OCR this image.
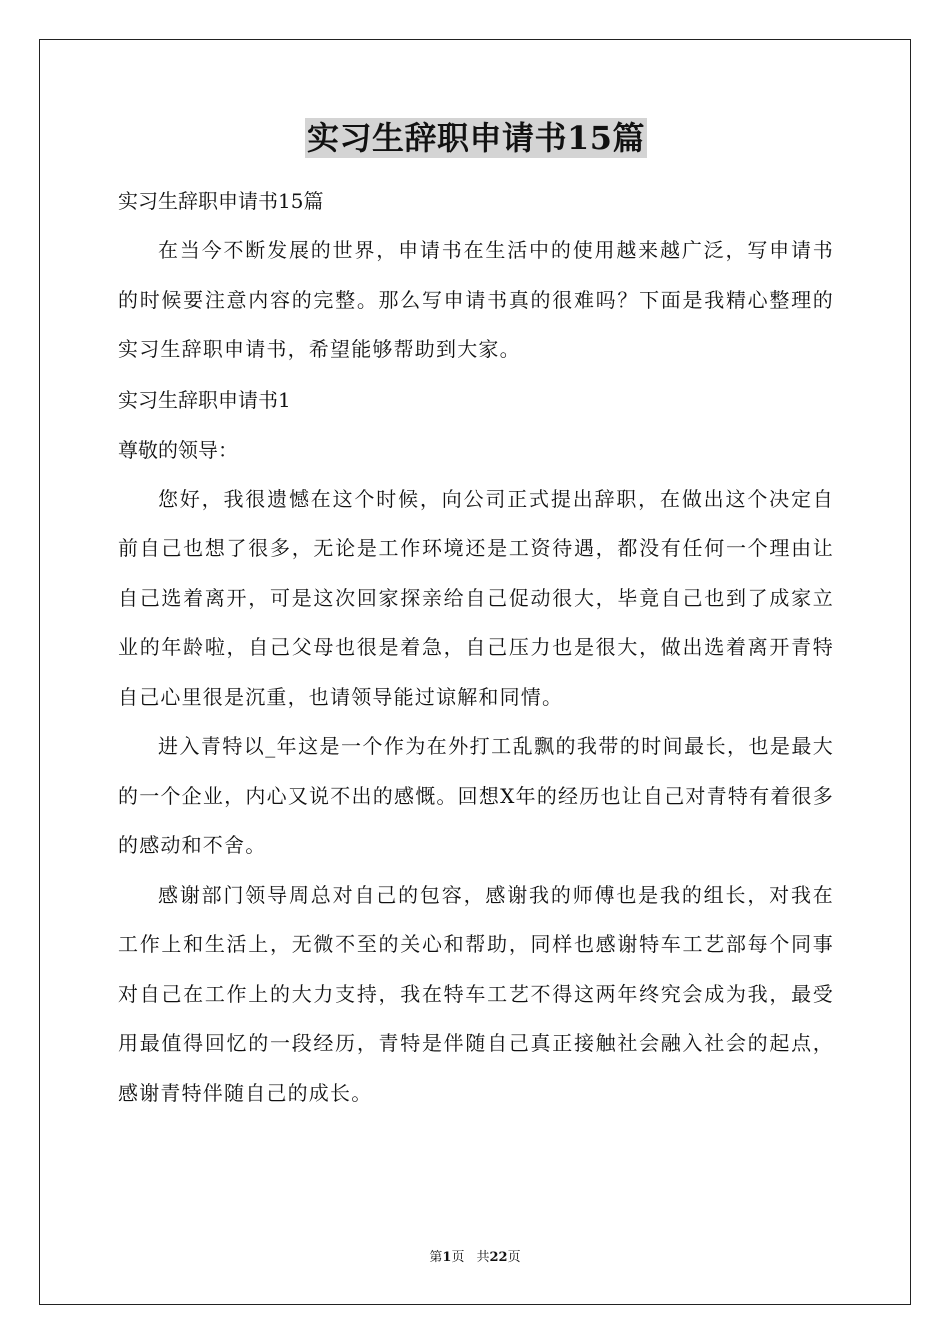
实习生辞职申请书15篇
实习生辞职申请书15篇

在当今不断发展的世界，申请书在生活中的使用越来越广泛，写申请书的时候要注意内容的完整。那么写申请书真的很难吗？下面是我精心整理的实习生辞职申请书，希望能够帮助到大家。

实习生辞职申请书1
尊敬的领导：

您好，我很遗憾在这个时候，向公司正式提出辞职，在做出这个决定自前自己也想了很多，无论是工作环境还是工资待遇，都没有任何一个理由让自己选着离开，可是这次回家探亲给自己促动很大，毕竟自己也到了成家立业的年龄啦，自己父母也很是着急，自己压力也是很大，做出选着离开青特自己心里很是沉重，也请领导能过谅解和同情。

进入青特以_年这是一个作为在外打工乱飘的我带的时间最长，也是最大的一个企业，内心又说不出的感慨。回想X年的经历也让自己对青特有着很多的感动和不舍。

感谢部门领导周总对自己的包容，感谢我的师傅也是我的组长，对我在工作上和生活上，无微不至的关心和帮助，同样也感谢特车工艺部每个同事对自己在工作上的大力支持，我在特车工艺不得这两年终究会成为我，最受用最值得回忆的一段经历，青特是伴随自己真正接触社会融入社会的起点，感谢青特伴随自己的成长。

第1页 共22页
